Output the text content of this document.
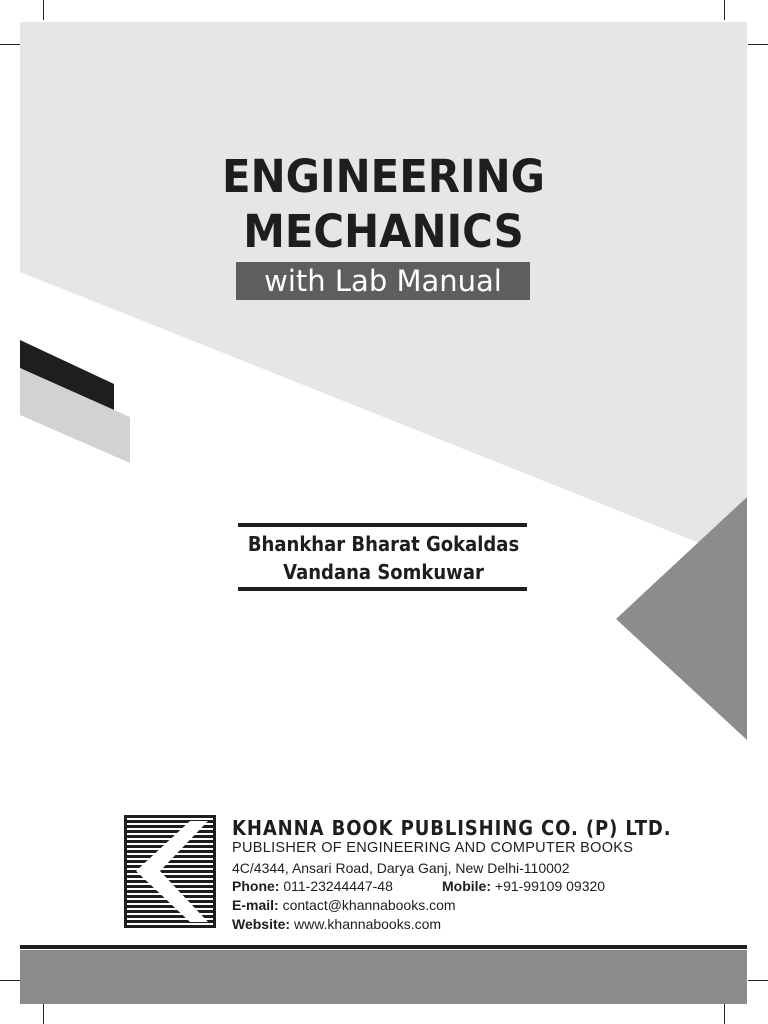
ENGINEERING
MECHANICS
with Lab Manual
Bhankhar Bharat Gokaldas
Vandana Somkuwar
KHANNA BOOK PUBLISHING CO. (P) LTD.
PUBLISHER OF ENGINEERING AND COMPUTER BOOKS
4C/4344, Ansari Road, Darya Ganj, New Delhi-110002
Phone: 011-23244447-48	Mobile: +91-99109 09320
E-mail: contact@khannabooks.com
Website: www.khannabooks.com
